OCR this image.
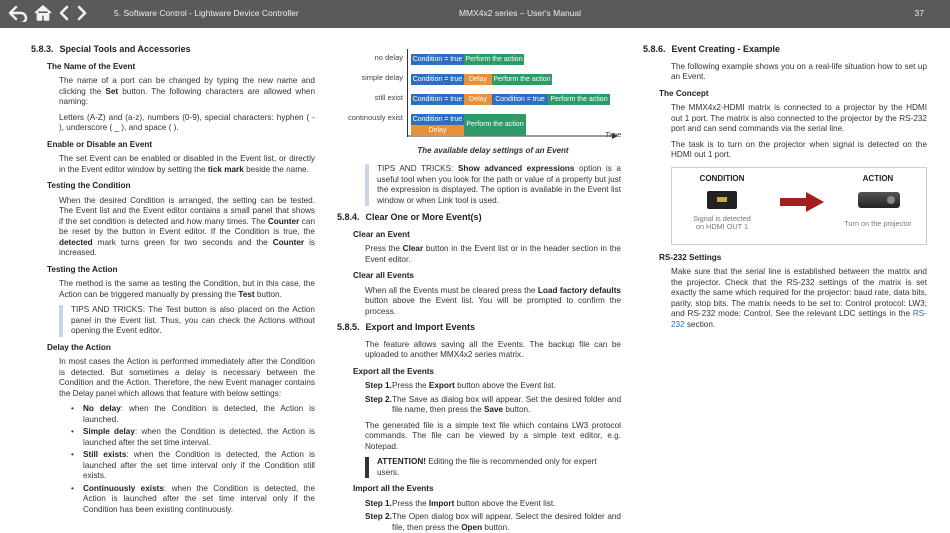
5. Software Control - Lightware Device Controller	MMX4x2 series – User's Manual	37
5.8.3. Special Tools and Accessories
The Name of the Event

The name of a port can be changed by typing the new name and clicking the Set button. The following characters are allowed when naming:

Letters (A-Z) and (a-z), numbers (0-9), special characters: hyphen ( - ), underscore ( _ ), and space ( ).

Enable or Disable an Event

The set Event can be enabled or disabled in the Event list, or directly in the Event editor window by setting the tick mark beside the name.

Testing the Condition

When the desired Condition is arranged, the setting can be tested. The Event list and the Event editor contains a small panel that shows if the set condition is detected and how many times. The Counter can be reset by the button in Event editor. If the Condition is true, the detected mark turns green for two seconds and the Counter is increased.

Testing the Action

The method is the same as testing the Condition, but in this case, the Action can be triggered manually by pressing the Test button.

TIPS AND TRICKS: The Test button is also placed on the Action panel in the Event list. Thus, you can check the Actions without opening the Event editor.
Delay the Action

In most cases the Action is performed immediately after the Condition is detected. But sometimes a delay is necessary between the Condition and the Action. Therefore, the new Event manager contains the Delay panel which allows that feature with below settings:

• No delay: when the Condition is detected, the Action is launched.
• Simple delay: when the Condition is detected, the Action is launched after the set time interval.
• Still exists: when the Condition is detected, the Action is launched after the set time interval only if the Condition still exists.
• Continuously exists: when the Condition is detected, the Action is launched after the set time interval only if the Condition has been existing continuously.
Time
no delay Condition = true Perform the action
simple delay Condition = true Delay Perform the action
still exist Condition = true Delay	Condition = true Perform the action
continously exist Condition = true
Delay
Perform the action
The available delay settings of an Event
TIPS AND TRICKS: Show advanced expressions option is a useful tool when you look for the path or value of a property but just the expression is displayed. The option is available in the Event list window or when Link tool is used.
5.8.4. Clear One or More Event(s)
Clear an Event

Press the Clear button in the Event list or in the header section in the Event editor.

Clear all Events

When all the Events must be cleared press the Load factory defaults button above the Event list. You will be prompted to confirm the process.

5.8.5. Export and Import Events

The feature allows saving all the Events. The backup file can be uploaded to another MMX4x2 series matrix.

Export all the Events
Step 1. Press the Export button above the Event list.
Step 2. The Save as dialog box will appear. Set the desired folder and file name, then press the Save button.

The generated file is a simple text file which contains LW3 protocol commands. The file can be viewed by a simple text editor, e.g. Notepad.

ATTENTION! Editing the file is recommended only for expert users.
Import all the Events
Step 1. Press the Import button above the Event list.
Step 2. The Open dialog box will appear. Select the desired folder and file, then press the Open button.
5.8.6. Event Creating - Example

The following example shows you on a real-life situation how to set up an Event.

The Concept

The MMX4x2-HDMI matrix is connected to a projector by the HDMI out 1 port. The matrix is also connected to the projector by the RS-232 port and can send commands via the serial line.

The task is to turn on the projector when signal is detected on the HDMI out 1 port.

CONDITION	ACTION
Signal is detected
on HDMI OUT 1	Turn on the projector
RS-232 Settings

Make sure that the serial line is established between the matrix and the projector. Check that the RS-232 settings of the matrix is set exactly the same which required for the projector: baud rate, data bits, parity, stop bits. The matrix needs to be set to: Control protocol: LW3; and RS-232 mode: Control. See the relevant LDC settings in the RS-232 section.
